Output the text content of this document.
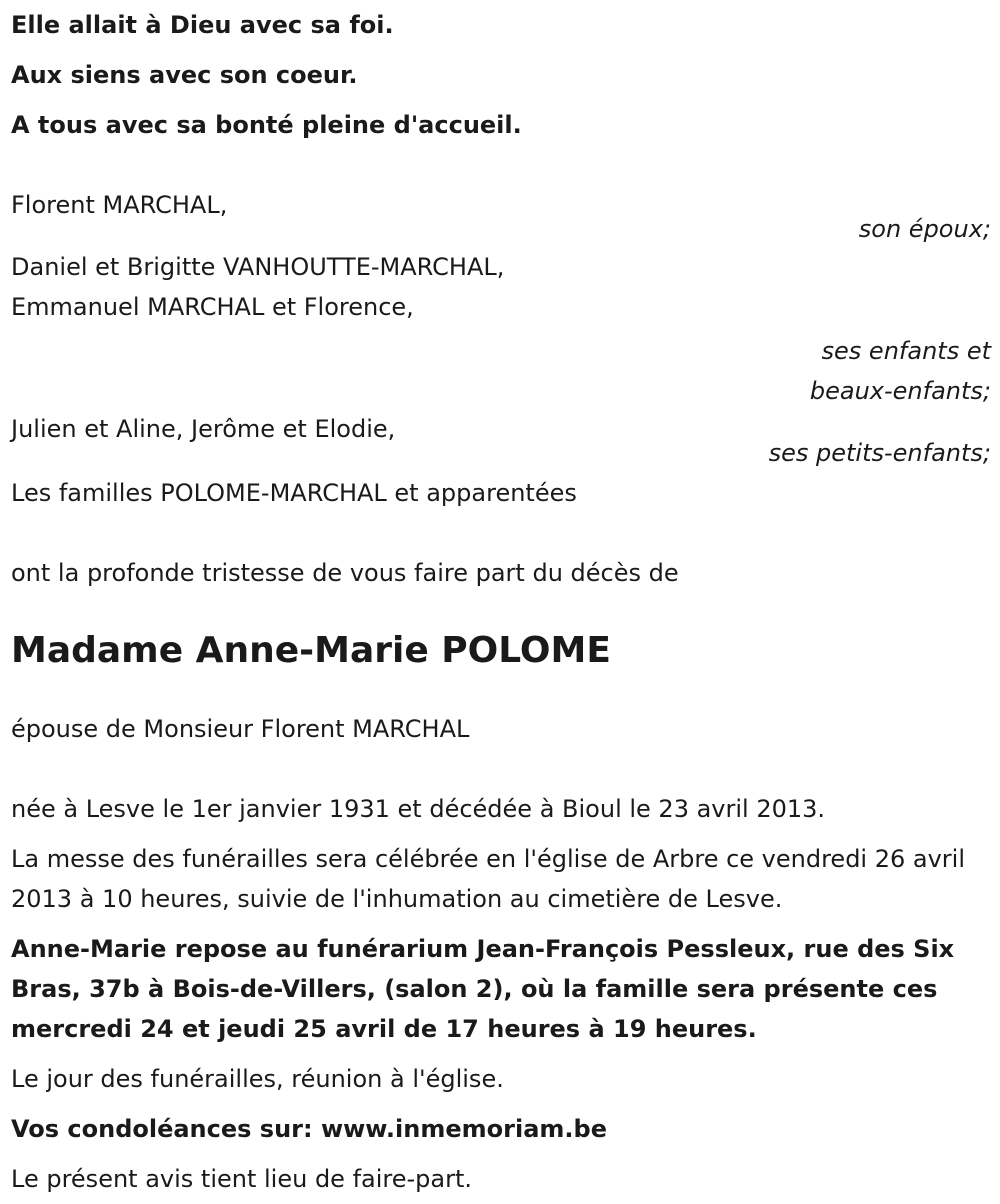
Elle allait à Dieu avec sa foi.

Aux siens avec son coeur.

A tous avec sa bonté pleine d'accueil.

Florent MARCHAL,

son époux;

Daniel et Brigitte VANHOUTTE-MARCHAL,

Emmanuel MARCHAL et Florence,

ses enfants et

beaux-enfants;

Julien et Aline, Jerôme et Elodie,

ses petits-enfants;

Les familles POLOME-MARCHAL et apparentées

ont la profonde tristesse de vous faire part du décès de

Madame Anne-Marie POLOME

épouse de Monsieur Florent MARCHAL

née à Lesve le 1er janvier 1931 et décédée à Bioul le 23 avril 2013.

La messe des funérailles sera célébrée en l'église de Arbre ce vendredi 26 avril 2013 à 10 heures, suivie de l'inhumation au cimetière de Lesve.

Anne-Marie repose au funérarium Jean-François Pessleux, rue des Six Bras, 37b à Bois-de-Villers, (salon 2), où la famille sera présente ces mercredi 24 et jeudi 25 avril de 17 heures à 19 heures.

Le jour des funérailles, réunion à l'église.

Vos condoléances sur: www.inmemoriam.be

Le présent avis tient lieu de faire-part.
